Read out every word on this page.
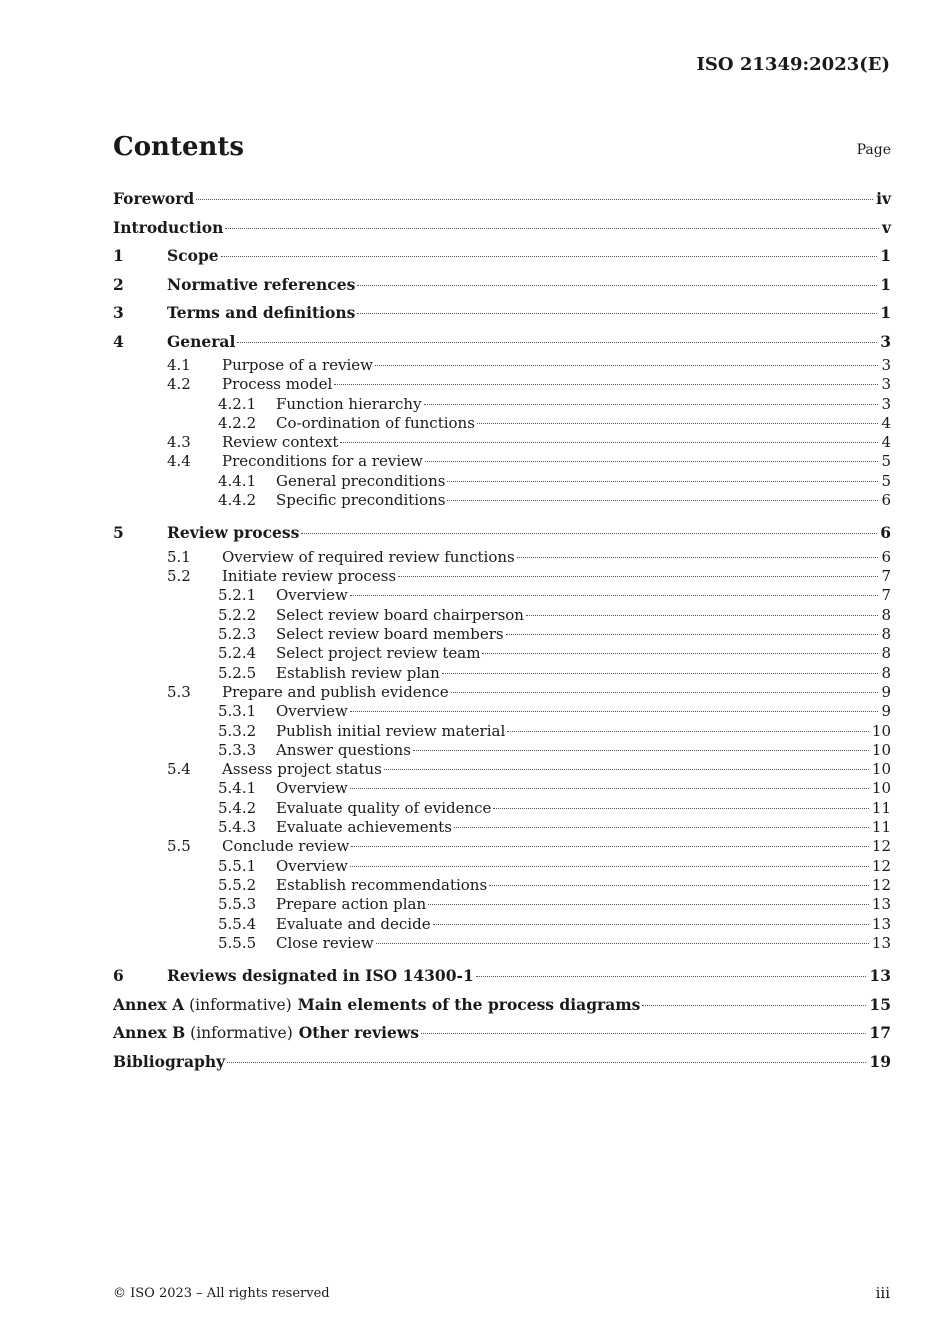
ISO 21349:2023(E)
Contents	Page
Foreword	iv
Introduction	v
1	Scope	1
2	Normative references	1
3	Terms and definitions	1
4	General	3
4.1	Purpose of a review	3
4.2	Process model	3
4.2.1	Function hierarchy	3
4.2.2	Co-ordination of functions	4
4.3	Review context	4
4.4	Preconditions for a review	5
4.4.1	General preconditions	5
4.4.2	Specific preconditions	6
5	Review process	6
5.1	Overview of required review functions	6
5.2	Initiate review process	7
5.2.1	Overview	7
5.2.2	Select review board chairperson	8
5.2.3	Select review board members	8
5.2.4	Select project review team	8
5.2.5	Establish review plan	8
5.3	Prepare and publish evidence	9
5.3.1	Overview	9
5.3.2	Publish initial review material	10
5.3.3	Answer questions	10
5.4	Assess project status	10
5.4.1	Overview	10
5.4.2	Evaluate quality of evidence	11
5.4.3	Evaluate achievements	11
5.5	Conclude review	12
5.5.1	Overview	12
5.5.2	Establish recommendations	12
5.5.3	Prepare action plan	13
5.5.4	Evaluate and decide	13
5.5.5	Close review	13
6	Reviews designated in ISO 14300-1	13
Annex A (informative) Main elements of the process diagrams	15
Annex B (informative) Other reviews	17
Bibliography	19
© ISO 2023 – All rights reserved	iii
